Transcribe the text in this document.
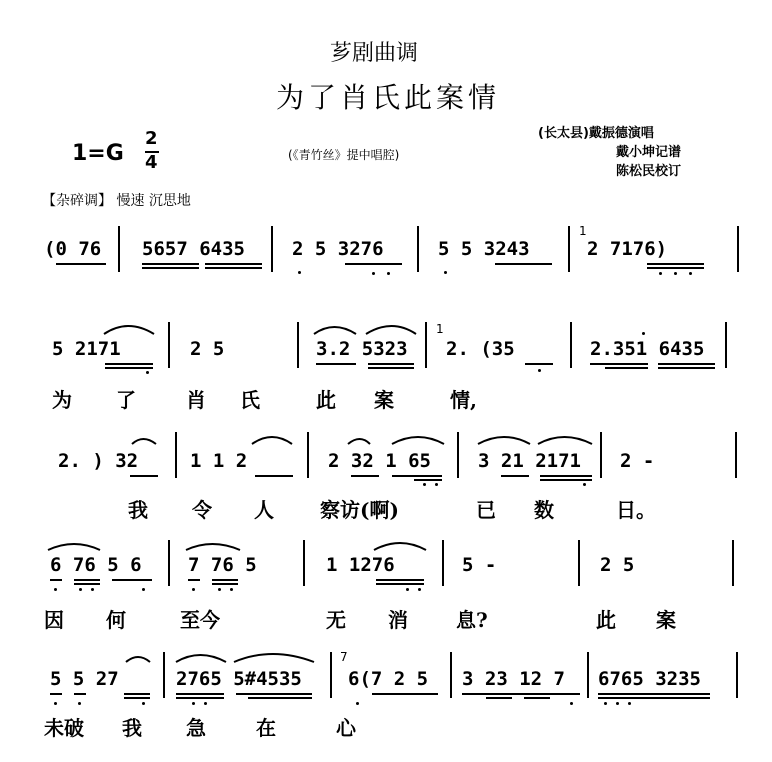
芗剧曲调
为了肖氏此案情
(长太县)戴振德演唱
戴小坤记谱
陈松民校订
1=G
2
4	(《青竹丝》提中唱腔)
【杂碎调】 慢速 沉思地
(0 76 5657 6435 2 5 3276	5 5 3243
1
2 7176)
5 2171	2 5	3.2 5323
1
2. (35	2.351 6435
为 了	肖 氏	此 案	情,
2. ) 32	1 1 2	2 32 1 65 3 21 2171 2 -
我 令 人 察访(啊)	已 数	日。
6 76 5 6 7 76 5	1 1276	5 -	2 5
因 何	至今	无 消 息?	此 案
5 5 27	2765 5#4535
7
6(7 2 5 3 23 12 7 6765 3235
未破 我 急	在	心
